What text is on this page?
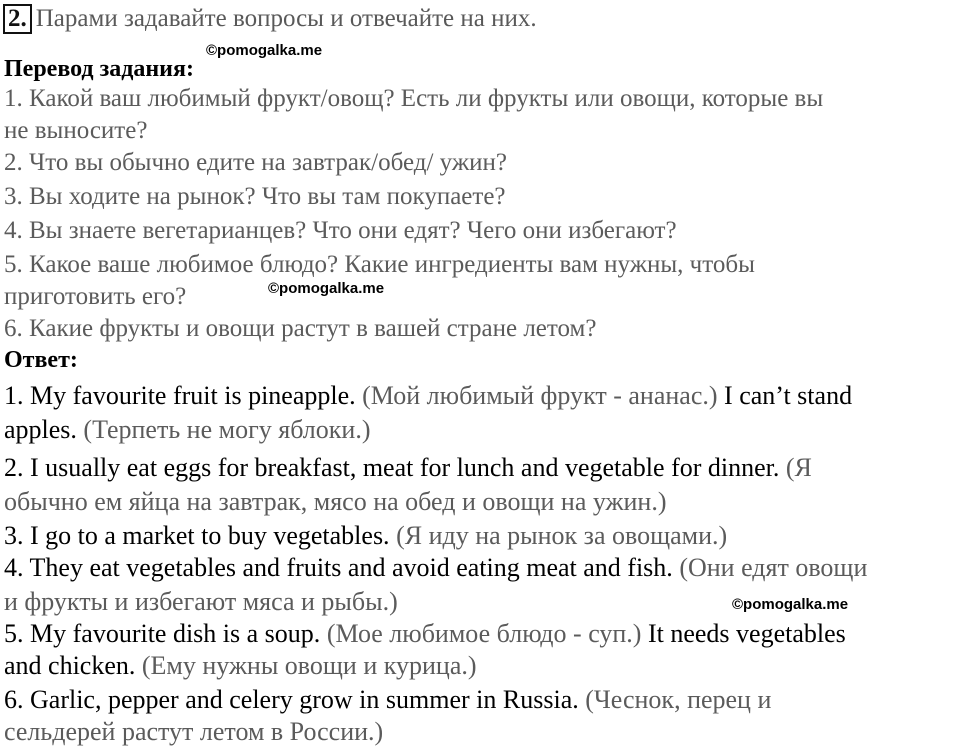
2. Парами задавайте вопросы и отвечайте на них.
©pomogalka.me
Перевод задания:
1. Какой ваш любимый фрукт/овощ? Есть ли фрукты или овощи, которые вы
не выносите?
2. Что вы обычно едите на завтрак/обед/ ужин?
3. Вы ходите на рынок? Что вы там покупаете?
4. Вы знаете вегетарианцев? Что они едят? Чего они избегают?
5. Какое ваше любимое блюдо? Какие ингредиенты вам нужны, чтобы
приготовить его?	©pomogalka.me
6. Какие фрукты и овощи растут в вашей стране летом?
Ответ:
1. My favourite fruit is pineapple. (Мой любимый фрукт - ананас.) I can’t stand
apples. (Терпеть не могу яблоки.)
2. I usually eat eggs for breakfast, meat for lunch and vegetable for dinner. (Я
обычно ем яйца на завтрак, мясо на обед и овощи на ужин.)
3. I go to a market to buy vegetables. (Я иду на рынок за овощами.)
4. They eat vegetables and fruits and avoid eating meat and fish. (Они едят овощи
и фрукты и избегают мяса и рыбы.)	©pomogalka.me
5. My favourite dish is a soup. (Мое любимое блюдо - суп.) It needs vegetables
and chicken. (Ему нужны овощи и курица.)
6. Garlic, pepper and celery grow in summer in Russia. (Чеснок, перец и
сельдерей растут летом в России.)
